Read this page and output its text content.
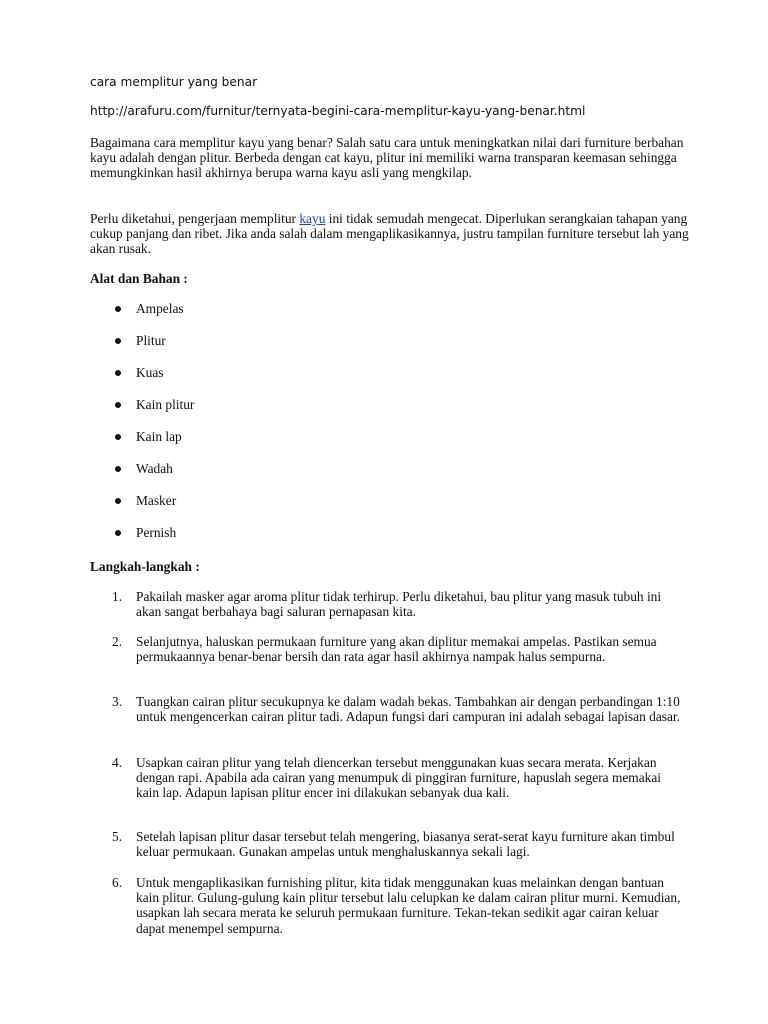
cara memplitur yang benar
http://arafuru.com/furnitur/ternyata-begini-cara-memplitur-kayu-yang-benar.html
Bagaimana cara memplitur kayu yang benar? Salah satu cara untuk meningkatkan nilai dari furniture berbahan kayu adalah dengan plitur. Berbeda dengan cat kayu, plitur ini memiliki warna transparan keemasan sehingga memungkinkan hasil akhirnya berupa warna kayu asli yang mengkilap.
Perlu diketahui, pengerjaan memplitur kayu ini tidak semudah mengecat. Diperlukan serangkaian tahapan yang cukup panjang dan ribet. Jika anda salah dalam mengaplikasikannya, justru tampilan furniture tersebut lah yang akan rusak.
Alat dan Bahan :
Ampelas
Plitur
Kuas
Kain plitur
Kain lap
Wadah
Masker
Pernish
Langkah-langkah :
1. Pakailah masker agar aroma plitur tidak terhirup. Perlu diketahui, bau plitur yang masuk tubuh ini akan sangat berbahaya bagi saluran pernapasan kita.
2. Selanjutnya, haluskan permukaan furniture yang akan diplitur memakai ampelas. Pastikan semua permukaannya benar-benar bersih dan rata agar hasil akhirnya nampak halus sempurna.
3. Tuangkan cairan plitur secukupnya ke dalam wadah bekas. Tambahkan air dengan perbandingan 1:10 untuk mengencerkan cairan plitur tadi. Adapun fungsi dari campuran ini adalah sebagai lapisan dasar.
4. Usapkan cairan plitur yang telah diencerkan tersebut menggunakan kuas secara merata. Kerjakan dengan rapi. Apabila ada cairan yang menumpuk di pinggiran furniture, hapuslah segera memakai kain lap. Adapun lapisan plitur encer ini dilakukan sebanyak dua kali.
5. Setelah lapisan plitur dasar tersebut telah mengering, biasanya serat-serat kayu furniture akan timbul keluar permukaan. Gunakan ampelas untuk menghaluskannya sekali lagi.
6. Untuk mengaplikasikan furnishing plitur, kita tidak menggunakan kuas melainkan dengan bantuan kain plitur. Gulung-gulung kain plitur tersebut lalu celupkan ke dalam cairan plitur murni. Kemudian, usapkan lah secara merata ke seluruh permukaan furniture. Tekan-tekan sedikit agar cairan keluar dapat menempel sempurna.
